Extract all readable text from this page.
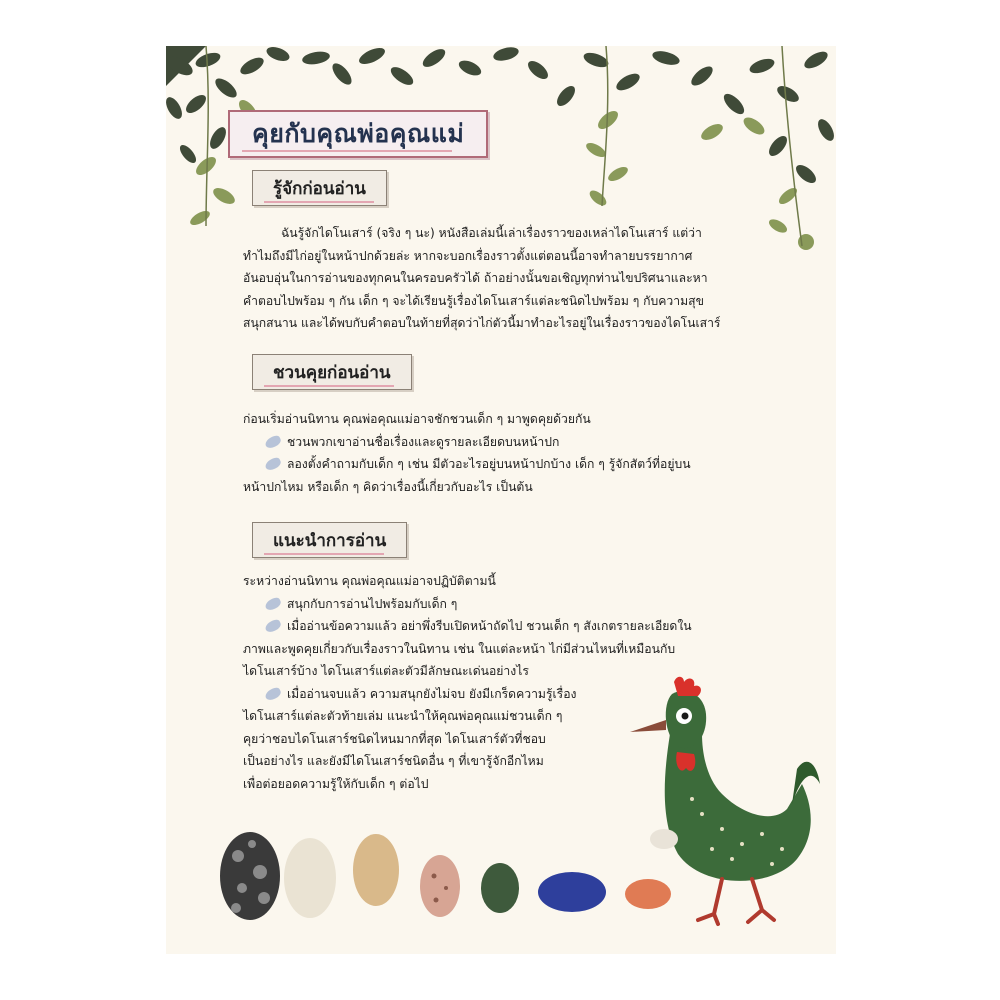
คุยกับคุณพ่อคุณแม่
รู้จักก่อนอ่าน
ฉันรู้จักไดโนเสาร์ (จริง ๆ นะ) หนังสือเล่มนี้เล่าเรื่องราวของเหล่าไดโนเสาร์ แต่ว่า
ทำไมถึงมีไก่อยู่ในหน้าปกด้วยล่ะ หากจะบอกเรื่องราวตั้งแต่ตอนนี้อาจทำลายบรรยากาศ
อันอบอุ่นในการอ่านของทุกคนในครอบครัวได้ ถ้าอย่างนั้นขอเชิญทุกท่านไขปริศนาและหา
คำตอบไปพร้อม ๆ กัน เด็ก ๆ จะได้เรียนรู้เรื่องไดโนเสาร์แต่ละชนิดไปพร้อม ๆ กับความสุข
สนุกสนาน และได้พบกับคำตอบในท้ายที่สุดว่าไก่ตัวนี้มาทำอะไรอยู่ในเรื่องราวของไดโนเสาร์
ชวนคุยก่อนอ่าน
ก่อนเริ่มอ่านนิทาน คุณพ่อคุณแม่อาจชักชวนเด็ก ๆ มาพูดคุยด้วยกัน
ชวนพวกเขาอ่านชื่อเรื่องและดูรายละเอียดบนหน้าปก
ลองตั้งคำถามกับเด็ก ๆ เช่น มีตัวอะไรอยู่บนหน้าปกบ้าง เด็ก ๆ รู้จักสัตว์ที่อยู่บน
หน้าปกไหม หรือเด็ก ๆ คิดว่าเรื่องนี้เกี่ยวกับอะไร เป็นต้น
แนะนำการอ่าน
ระหว่างอ่านนิทาน คุณพ่อคุณแม่อาจปฏิบัติตามนี้
สนุกกับการอ่านไปพร้อมกับเด็ก ๆ
เมื่ออ่านข้อความแล้ว อย่าพึ่งรีบเปิดหน้าถัดไป ชวนเด็ก ๆ สังเกตรายละเอียดใน
ภาพและพูดคุยเกี่ยวกับเรื่องราวในนิทาน เช่น ในแต่ละหน้า ไก่มีส่วนไหนที่เหมือนกับ
ไดโนเสาร์บ้าง ไดโนเสาร์แต่ละตัวมีลักษณะเด่นอย่างไร
เมื่ออ่านจบแล้ว ความสนุกยังไม่จบ ยังมีเกร็ดความรู้เรื่อง
ไดโนเสาร์แต่ละตัวท้ายเล่ม แนะนำให้คุณพ่อคุณแม่ชวนเด็ก ๆ
คุยว่าชอบไดโนเสาร์ชนิดไหนมากที่สุด ไดโนเสาร์ตัวที่ชอบ
เป็นอย่างไร และยังมีไดโนเสาร์ชนิดอื่น ๆ ที่เขารู้จักอีกไหม
เพื่อต่อยอดความรู้ให้กับเด็ก ๆ ต่อไป
